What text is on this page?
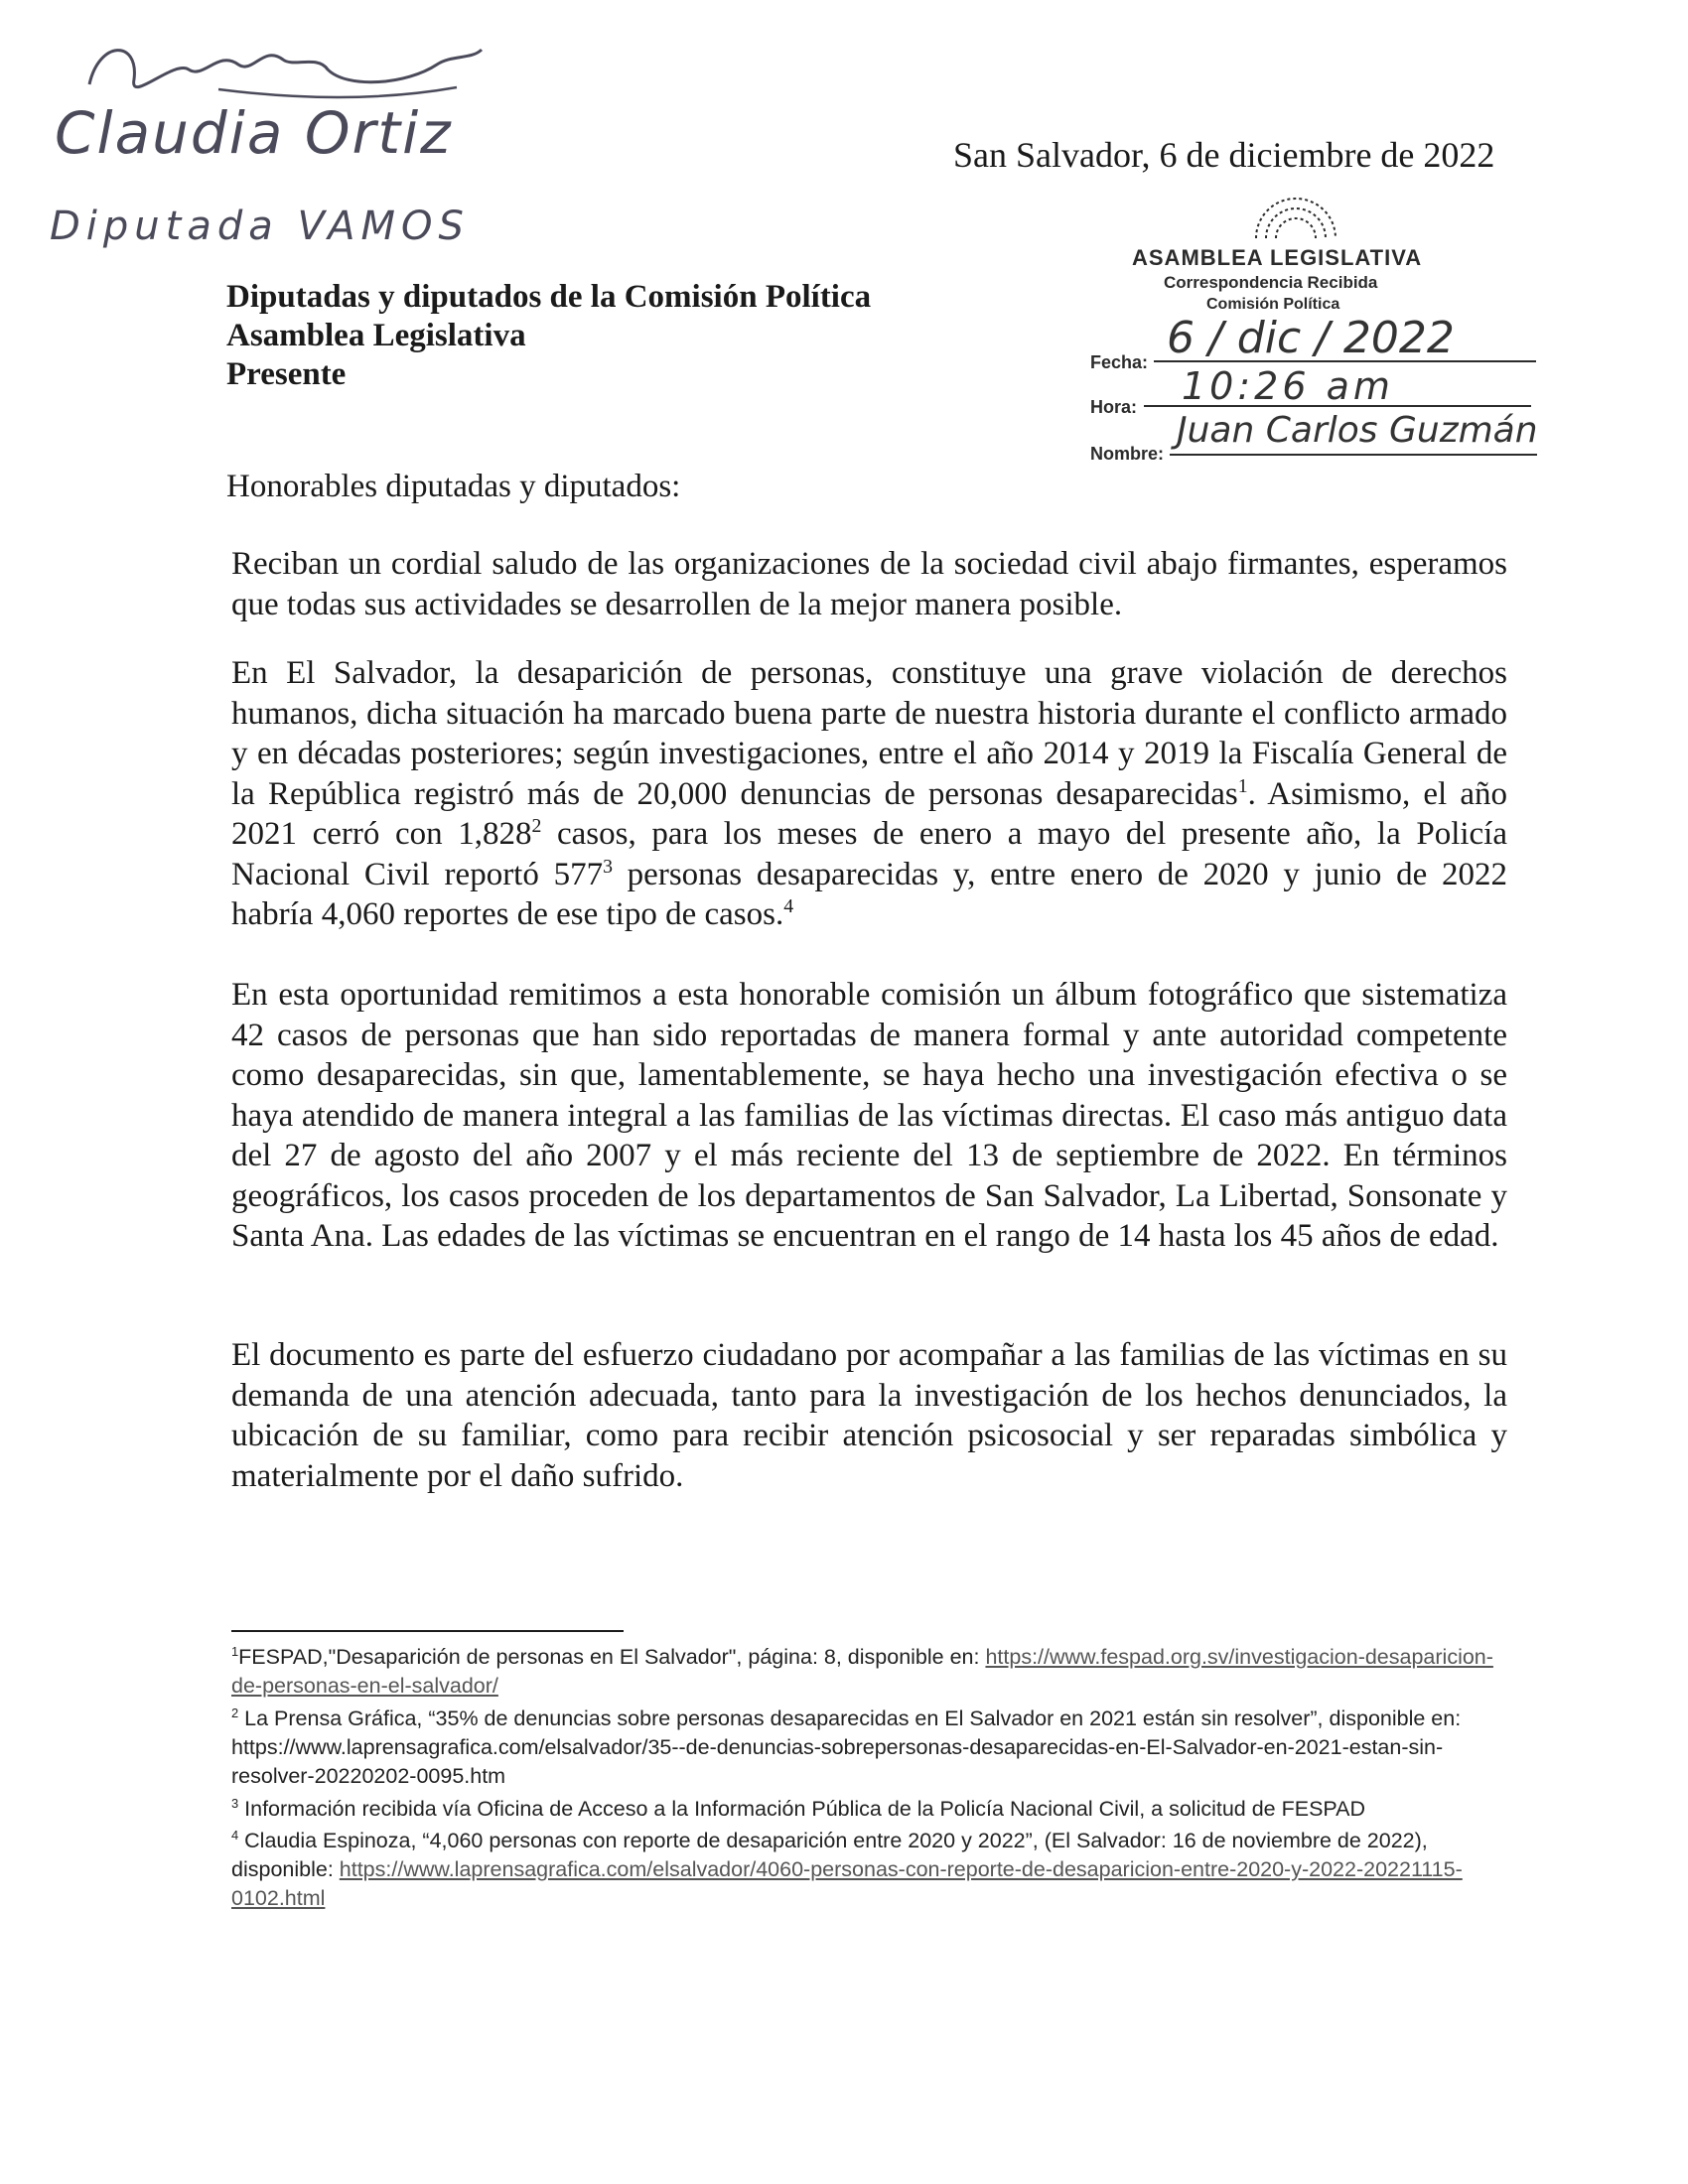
Claudia Ortiz
Diputada VAMOS
San Salvador, 6 de diciembre de 2022
ASAMBLEA LEGISLATIVA
Correspondencia Recibida
Comisión Política
Fecha: 6 / dic / 2022
Hora: 10:26 am
Nombre:
Juan Carlos Guzmán
Diputadas y diputados de la Comisión Política
Asamblea Legislativa
Presente
Honorables diputadas y diputados:
Reciban un cordial saludo de las organizaciones de la sociedad civil abajo firmantes, esperamos que todas sus actividades se desarrollen de la mejor manera posible.
En El Salvador, la desaparición de personas, constituye una grave violación de derechos humanos, dicha situación ha marcado buena parte de nuestra historia durante el conflicto armado y en décadas posteriores; según investigaciones, entre el año 2014 y 2019 la Fiscalía General de la República registró más de 20,000 denuncias de personas desaparecidas$^1$. Asimismo, el año 2021 cerró con 1,828$^2$ casos, para los meses de enero a mayo del presente año, la Policía Nacional Civil reportó $577^3$ personas desaparecidas y, entre enero de 2020 y junio de 2022 habría 4,060 reportes de ese tipo de casos.$^4$
En esta oportunidad remitimos a esta honorable comisión un álbum fotográfico que sistematiza 42 casos de personas que han sido reportadas de manera formal y ante autoridad competente como desaparecidas, sin que, lamentablemente, se haya hecho una investigación efectiva o se haya atendido de manera integral a las familias de las víctimas directas. El caso más antiguo data del 27 de agosto del año 2007 y el más reciente del 13 de septiembre de 2022. En términos geográficos, los casos proceden de los departamentos de San Salvador, La Libertad, Sonsonate y Santa Ana. Las edades de las víctimas se encuentran en el rango de 14 hasta los 45 años de edad.
El documento es parte del esfuerzo ciudadano por acompañar a las familias de las víctimas en su demanda de una atención adecuada, tanto para la investigación de los hechos denunciados, la ubicación de su familiar, como para recibir atención psicosocial y ser reparadas simbólica y materialmente por el daño sufrido.
$^1$FESPAD,"Desaparición de personas en El Salvador", página: 8, disponible en: https://www.fespad.org.sv/investigacion-desaparicion-de-personas-en-el-salvador/
$^2$ La Prensa Gráfica, “35% de denuncias sobre personas desaparecidas en El Salvador en 2021 están sin resolver”, disponible en: https://www.laprensagrafica.com/elsalvador/35--de-denuncias-sobrepersonas-desaparecidas-en-El-Salvador-en-2021-estan-sin-resolver-20220202-0095.htm
$^3$ Información recibida vía Oficina de Acceso a la Información Pública de la Policía Nacional Civil, a solicitud de FESPAD
$^4$ Claudia Espinoza, “4,060 personas con reporte de desaparición entre 2020 y 2022”, (El Salvador: 16 de noviembre de 2022), disponible: https://www.laprensagrafica.com/elsalvador/4060-personas-con-reporte-de-desaparicion-entre-2020-y-2022-20221115-0102.html
